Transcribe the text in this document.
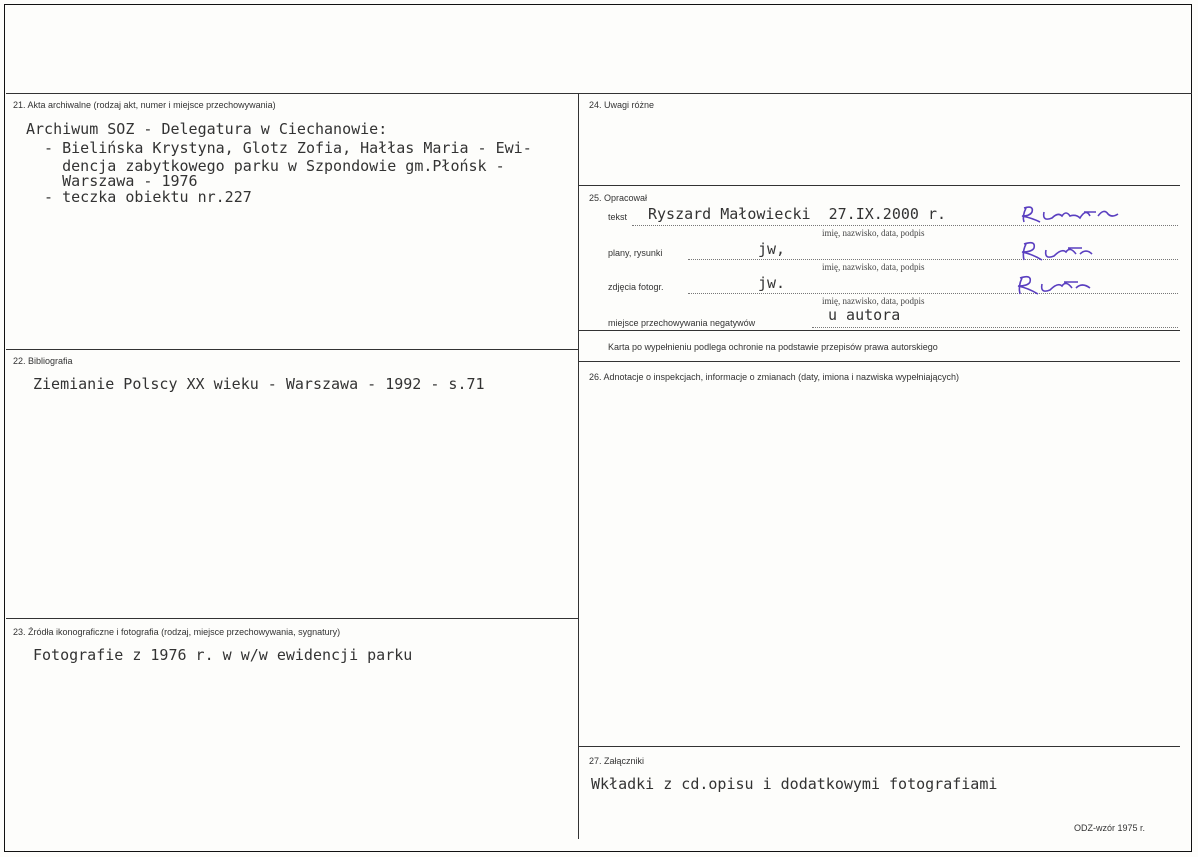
21. Akta archiwalne (rodzaj akt, numer i miejsce przechowywania)
Archiwum SOZ - Delegatura w Ciechanowie:
- Bielińska Krystyna, Glotz Zofia, Hałłas Maria - Ewi-
dencja zabytkowego parku w Szpondowie gm.Płońsk -
Warszawa - 1976
- teczka obiektu nr.227
22. Bibliografia
Ziemianie Polscy XX wieku - Warszawa - 1992 - s.71
23. Źródła ikonograficzne i fotografia (rodzaj, miejsce przechowywania, sygnatury)
Fotografie z 1976 r. w w/w ewidencji parku
24. Uwagi różne
25. Opracował
tekst Ryszard Małowiecki  27.IX.2000 r.
imię, nazwisko, data, podpis
plany, rysunki	jw,
imię, nazwisko, data, podpis
zdjęcia fotogr.	jw.
imię, nazwisko, data, podpis
miejsce przechowywania negatywów	u autora
Karta po wypełnieniu podlega ochronie na podstawie przepisów prawa autorskiego
26. Adnotacje o inspekcjach, informacje o zmianach (daty, imiona i nazwiska wypełniających)
27. Załączniki
Wkładki z cd.opisu i dodatkowymi fotografiami
ODZ-wzór 1975 r.
